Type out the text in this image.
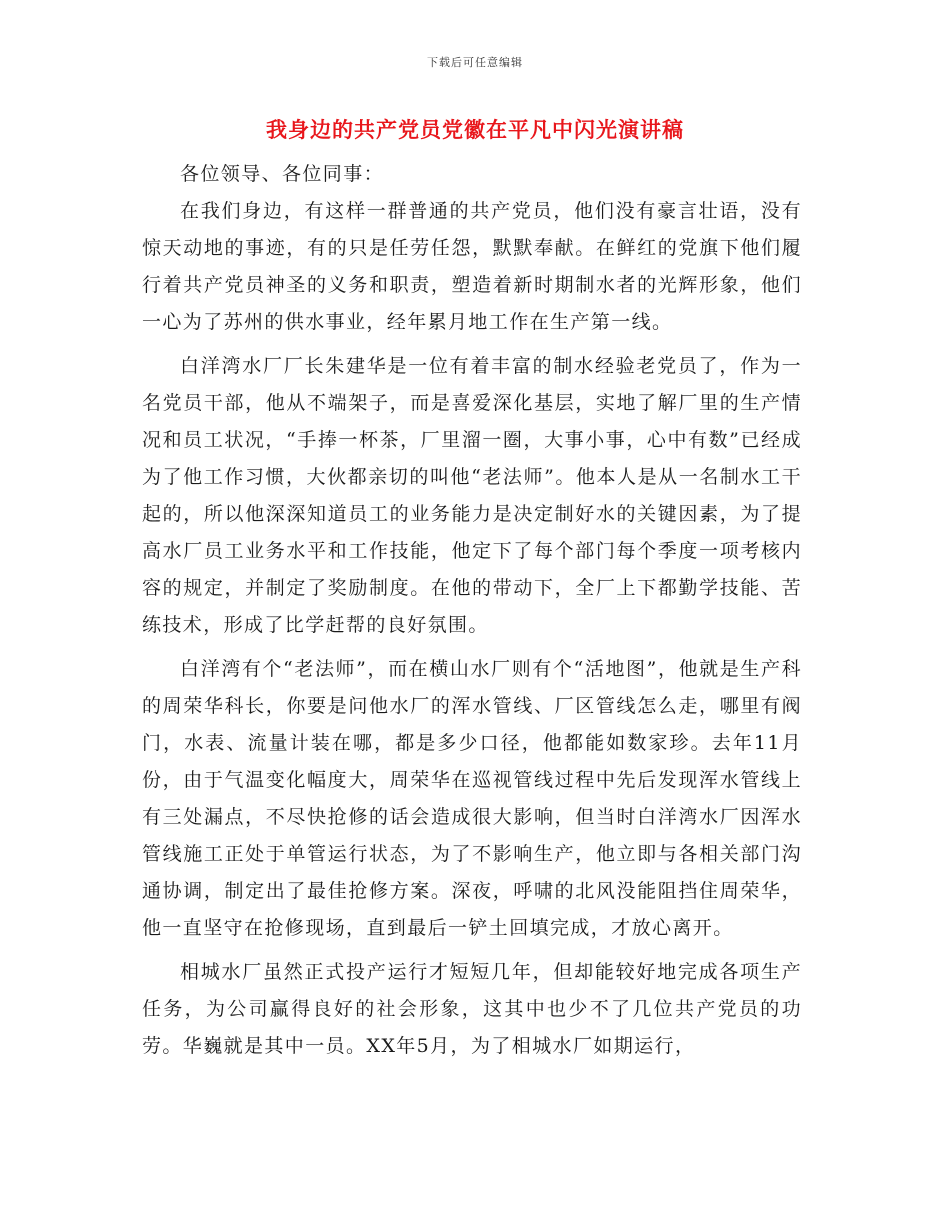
下载后可任意编辑
我身边的共产党员党徽在平凡中闪光演讲稿

各位领导、各位同事：

在我们身边，有这样一群普通的共产党员，他们没有豪言壮语，没有惊天动地的事迹，有的只是任劳任怨，默默奉献。在鲜红的党旗下他们履行着共产党员神圣的义务和职责，塑造着新时期制水者的光辉形象，他们一心为了苏州的供水事业，经年累月地工作在生产第一线。

白洋湾水厂厂长朱建华是一位有着丰富的制水经验老党员了，作为一名党员干部，他从不端架子，而是喜爱深化基层，实地了解厂里的生产情况和员工状况，“手捧一杯茶，厂里溜一圈，大事小事，心中有数”已经成为了他工作习惯，大伙都亲切的叫他“老法师”。他本人是从一名制水工干起的，所以他深深知道员工的业务能力是决定制好水的关键因素，为了提高水厂员工业务水平和工作技能，他定下了每个部门每个季度一项考核内容的规定，并制定了奖励制度。在他的带动下，全厂上下都勤学技能、苦练技术，形成了比学赶帮的良好氛围。

白洋湾有个“老法师”，而在横山水厂则有个“活地图”，他就是生产科的周荣华科长，你要是问他水厂的浑水管线、厂区管线怎么走，哪里有阀门，水表、流量计装在哪，都是多少口径，他都能如数家珍。去年11月份，由于气温变化幅度大，周荣华在巡视管线过程中先后发现浑水管线上有三处漏点，不尽快抢修的话会造成很大影响，但当时白洋湾水厂因浑水管线施工正处于单管运行状态，为了不影响生产，他立即与各相关部门沟通协调，制定出了最佳抢修方案。深夜，呼啸的北风没能阻挡住周荣华，他一直坚守在抢修现场，直到最后一铲土回填完成，才放心离开。

相城水厂虽然正式投产运行才短短几年，但却能较好地完成各项生产任务，为公司赢得良好的社会形象，这其中也少不了几位共产党员的功劳。华巍就是其中一员。XX年5月，为了相城水厂如期运行，
